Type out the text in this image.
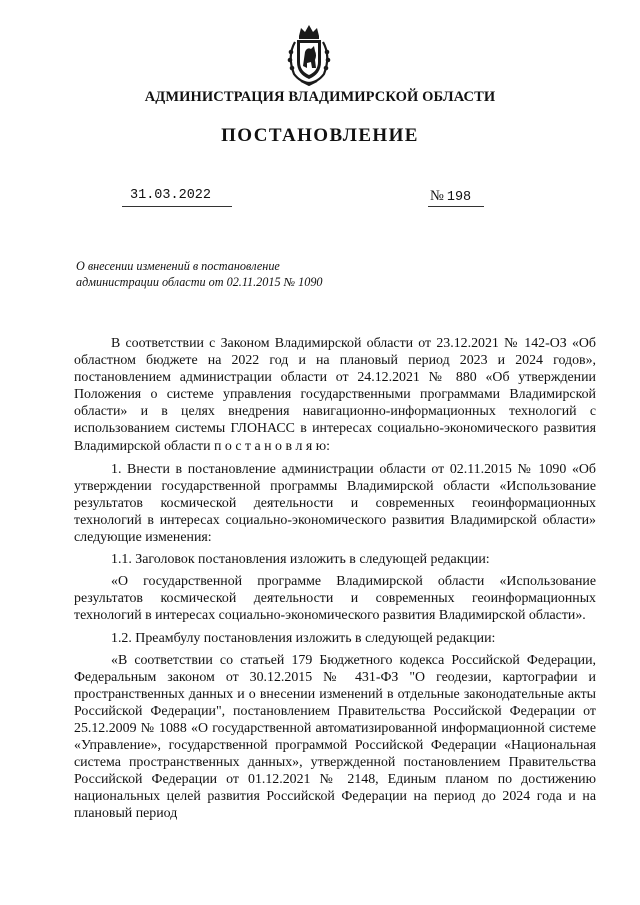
АДМИНИСТРАЦИЯ ВЛАДИМИРСКОЙ ОБЛАСТИ
ПОСТАНОВЛЕНИЕ
31.03.2022	№ 198
О внесении изменений в постановление администрации области от 02.11.2015 № 1090

В соответствии с Законом Владимирской области от 23.12.2021 № 142-ОЗ «Об областном бюджете на 2022 год и на плановый период 2023 и 2024 годов», постановлением администрации области от 24.12.2021 № 880 «Об утверждении Положения о системе управления государственными программами Владимирской области» и в целях внедрения навигационно-информационных технологий с использованием системы ГЛОНАСС в интересах социально-экономического развития Владимирской области п о с т а н о в л я ю:

1. Внести в постановление администрации области от 02.11.2015 № 1090 «Об утверждении государственной программы Владимирской области «Использование результатов космической деятельности и современных геоинформационных технологий в интересах социально-экономического развития Владимирской области» следующие изменения:

1.1. Заголовок постановления изложить в следующей редакции:

«О государственной программе Владимирской области «Использование результатов космической деятельности и современных геоинформационных технологий в интересах социально-экономического развития Владимирской области».

1.2. Преамбулу постановления изложить в следующей редакции:

«В соответствии со статьей 179 Бюджетного кодекса Российской Федерации, Федеральным законом от 30.12.2015 № 431-ФЗ "О геодезии, картографии и пространственных данных и о внесении изменений в отдельные законодательные акты Российской Федерации", постановлением Правительства Российской Федерации от 25.12.2009 № 1088 «О государственной автоматизированной информационной системе «Управление», государственной программой Российской Федерации «Национальная система пространственных данных», утвержденной постановлением Правительства Российской Федерации от 01.12.2021 № 2148, Единым планом по достижению национальных целей развития Российской Федерации на период до 2024 года и на плановый период
